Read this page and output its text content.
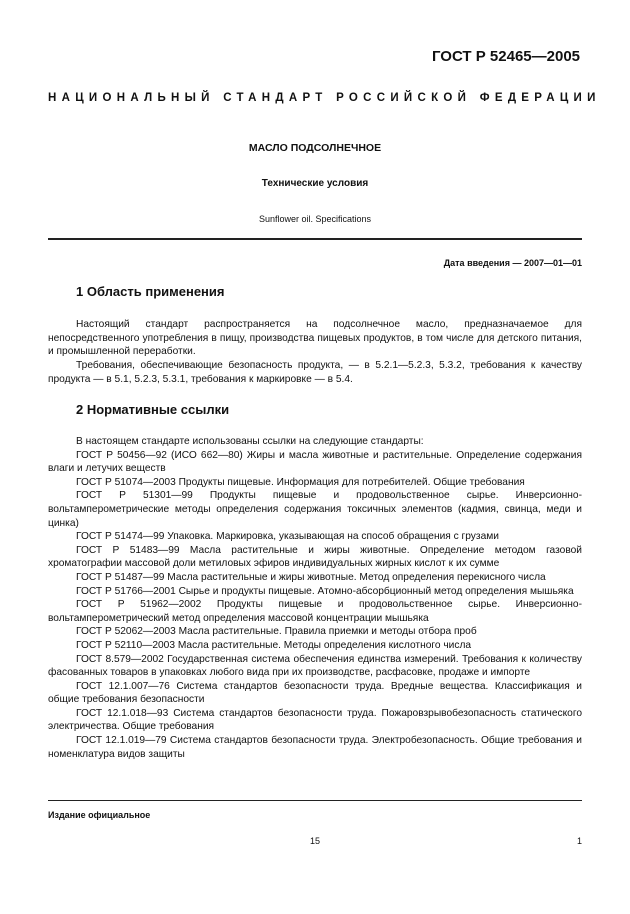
ГОСТ Р 52465—2005
НАЦИОНАЛЬНЫЙ СТАНДАРТ РОССИЙСКОЙ ФЕДЕРАЦИИ
МАСЛО ПОДСОЛНЕЧНОЕ
Технические условия
Sunflower oil. Specifications
Дата введения — 2007—01—01
1 Область применения
Настоящий стандарт распространяется на подсолнечное масло, предназначаемое для непосредственного употребления в пищу, производства пищевых продуктов, в том числе для детского питания, и промышленной переработки.
Требования, обеспечивающие безопасность продукта, — в 5.2.1—5.2.3, 5.3.2, требования к качеству продукта — в 5.1, 5.2.3, 5.3.1, требования к маркировке — в 5.4.
2 Нормативные ссылки

В настоящем стандарте использованы ссылки на следующие стандарты:

ГОСТ Р 50456—92 (ИСО 662—80) Жиры и масла животные и растительные. Определение содержания влаги и летучих веществ

ГОСТ Р 51074—2003 Продукты пищевые. Информация для потребителей. Общие требования

ГОСТ Р 51301—99 Продукты пищевые и продовольственное сырье. Инверсионно-вольтамперометрические методы определения содержания токсичных элементов (кадмия, свинца, меди и цинка)

ГОСТ Р 51474—99 Упаковка. Маркировка, указывающая на способ обращения с грузами

ГОСТ Р 51483—99 Масла растительные и жиры животные. Определение методом газовой хроматографии массовой доли метиловых эфиров индивидуальных жирных кислот к их сумме

ГОСТ Р 51487—99 Масла растительные и жиры животные. Метод определения перекисного числа

ГОСТ Р 51766—2001 Сырье и продукты пищевые. Атомно-абсорбционный метод определения мышьяка

ГОСТ Р 51962—2002 Продукты пищевые и продовольственное сырье. Инверсионно-вольтамперометрический метод определения массовой концентрации мышьяка

ГОСТ Р 52062—2003 Масла растительные. Правила приемки и методы отбора проб

ГОСТ Р 52110—2003 Масла растительные. Методы определения кислотного числа

ГОСТ 8.579—2002 Государственная система обеспечения единства измерений. Требования к количеству фасованных товаров в упаковках любого вида при их производстве, расфасовке, продаже и импорте

ГОСТ 12.1.007—76 Система стандартов безопасности труда. Вредные вещества. Классификация и общие требования безопасности

ГОСТ 12.1.018—93 Система стандартов безопасности труда. Пожаровзрывобезопасность статического электричества. Общие требования

ГОСТ 12.1.019—79 Система стандартов безопасности труда. Электробезопасность. Общие требования и номенклатура видов защиты

Издание официальное
15	1
